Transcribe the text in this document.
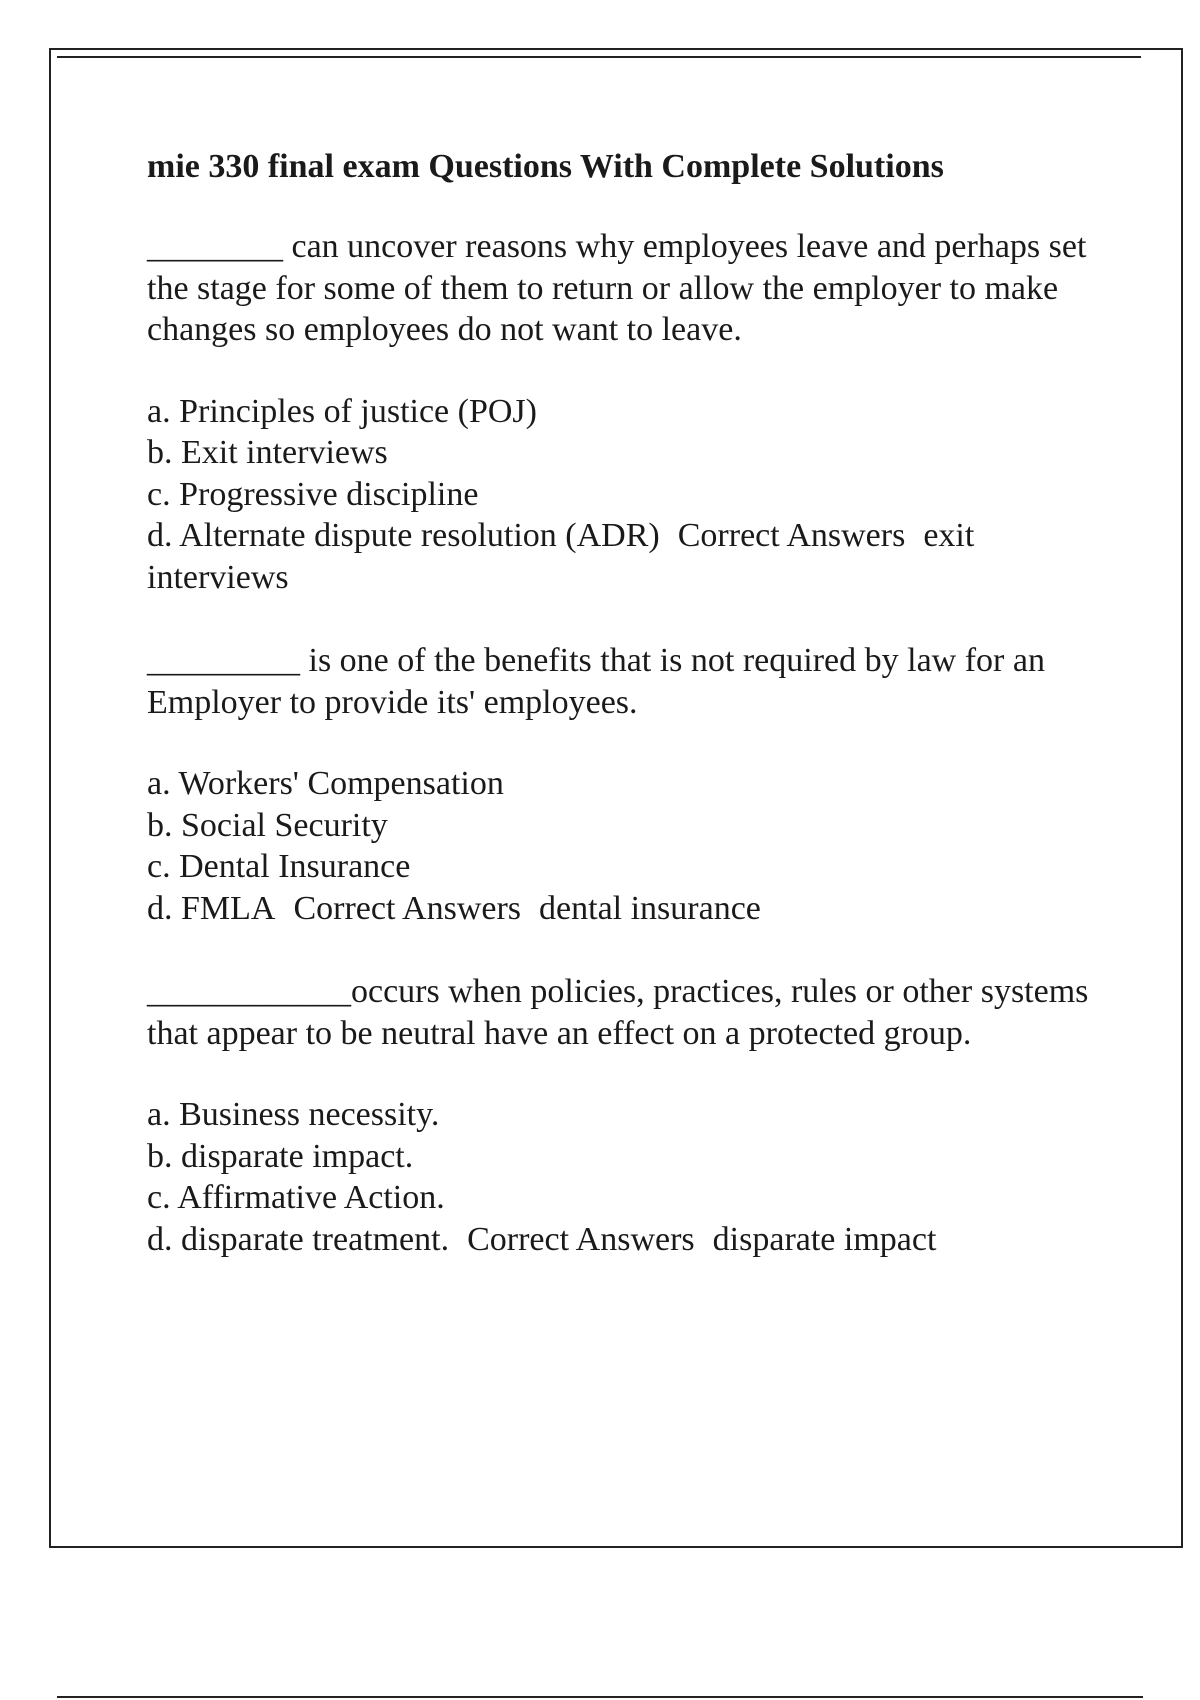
mie 330 final exam Questions With Complete Solutions

________ can uncover reasons why employees leave and perhaps set the stage for some of them to return or allow the employer to make changes so employees do not want to leave.

a. Principles of justice (POJ)
b. Exit interviews
c. Progressive discipline
d. Alternate dispute resolution (ADR) Correct Answers exit interviews

_________ is one of the benefits that is not required by law for an Employer to provide its' employees.

a. Workers' Compensation
b. Social Security
c. Dental Insurance
d. FMLA Correct Answers dental insurance

____________occurs when policies, practices, rules or other systems that appear to be neutral have an effect on a protected group.

a. Business necessity.
b. disparate impact.
c. Affirmative Action.
d. disparate treatment. Correct Answers disparate impact
